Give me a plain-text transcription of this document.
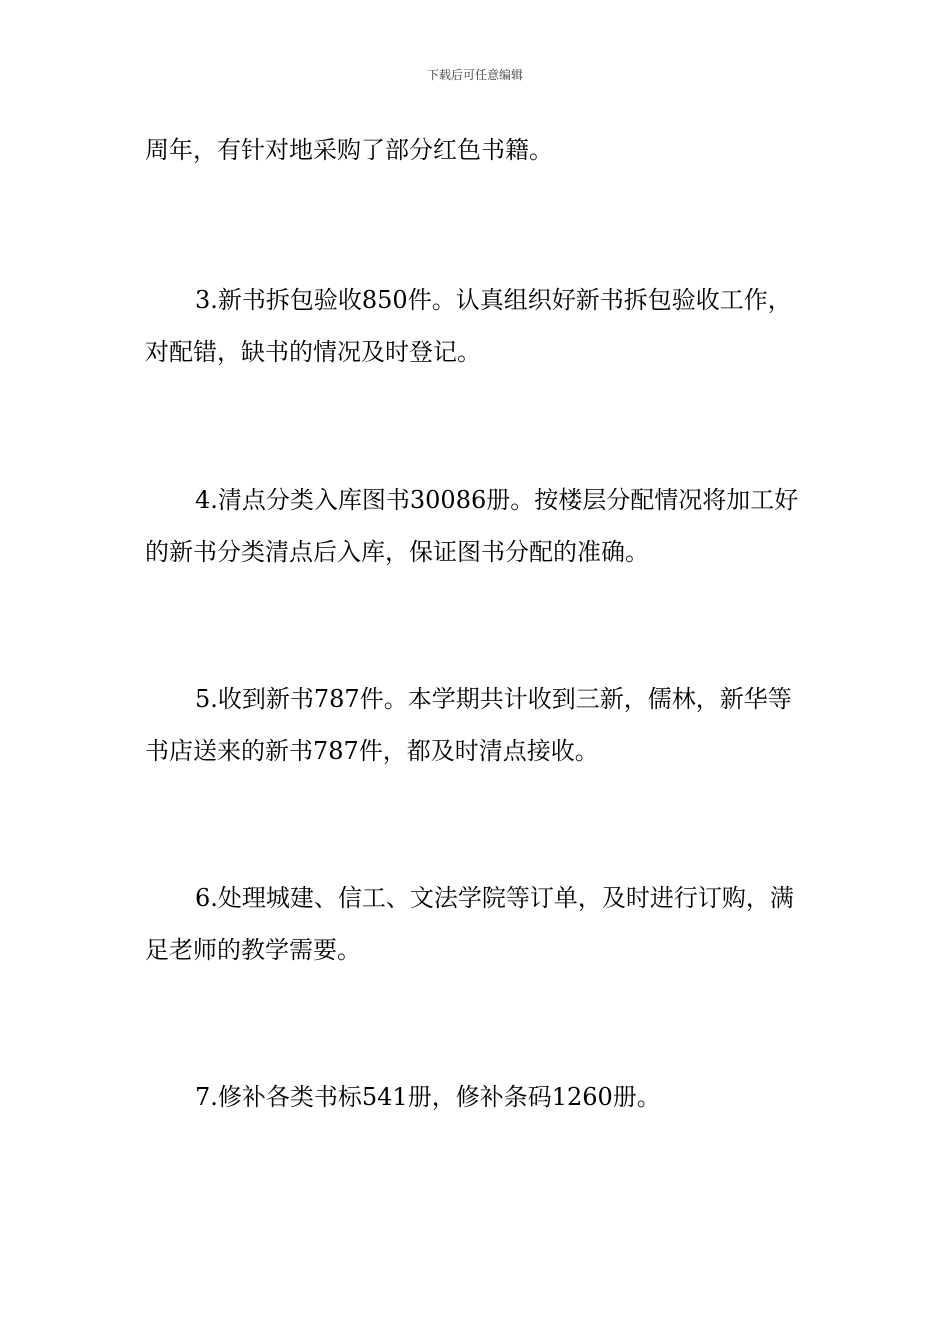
下载后可任意编辑

周年，有针对地采购了部分红色书籍。

3.新书拆包验收850件。认真组织好新书拆包验收工作，对配错，缺书的情况及时登记。

4.清点分类入库图书30086册。按楼层分配情况将加工好的新书分类清点后入库，保证图书分配的准确。

5.收到新书787件。本学期共计收到三新，儒林，新华等书店送来的新书787件，都及时清点接收。

6.处理城建、信工、文法学院等订单，及时进行订购，满足老师的教学需要。

7.修补各类书标541册，修补条码1260册。
